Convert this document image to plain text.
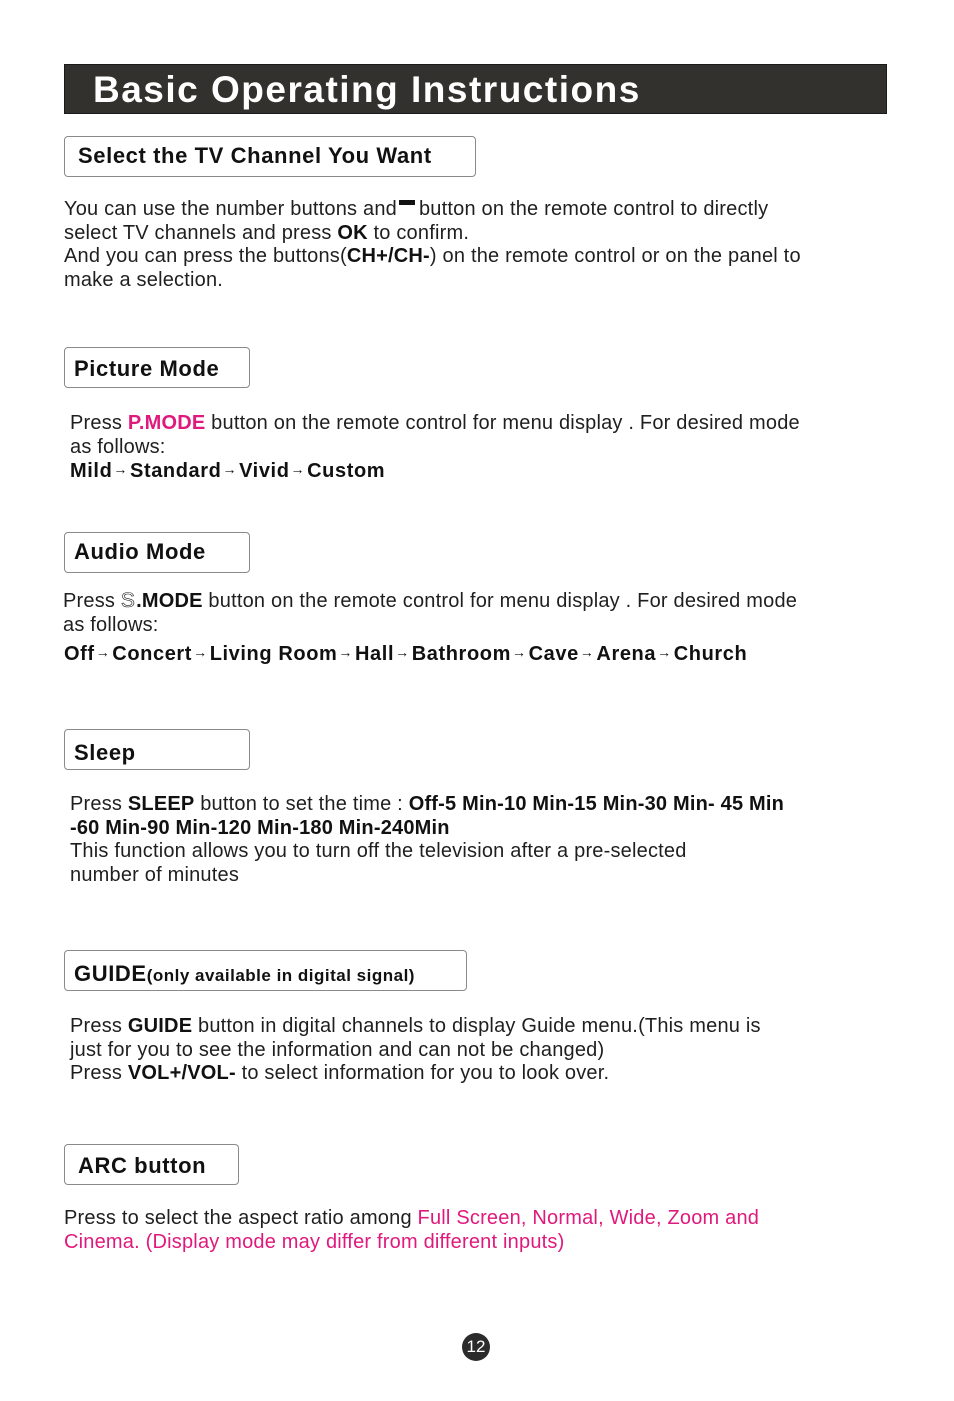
Basic Operating Instructions
Select the TV Channel You Want
You can use the number buttons and button on the remote control to directly
select TV channels and press OK to confirm.
And you can press the buttons(CH+/CH-) on the remote control or on the panel to
make a selection.
Picture Mode
Press P.MODE button on the remote control for menu display . For desired mode
as follows:
Mild→ Standard→ Vivid→ Custom
Audio Mode
Press S.MODE button on the remote control for menu display . For desired mode
as follows:
Off→ Concert→ Living Room→ Hall→ Bathroom→ Cave→ Arena→ Church
Sleep
Press SLEEP button to set the time : Off-5 Min-10 Min-15 Min-30 Min- 45 Min
-60 Min-90 Min-120 Min-180 Min-240Min
This function allows you to turn off the television after a pre-selected
number of minutes
GUIDE(only available in digital signal)
Press GUIDE button in digital channels to display Guide menu.(This menu is
just for you to see the information and can not be changed)
Press VOL+/VOL- to select information for you to look over.
ARC button
Press to select the aspect ratio among Full Screen, Normal, Wide, Zoom and
Cinema. (Display mode may differ from different inputs)
12
